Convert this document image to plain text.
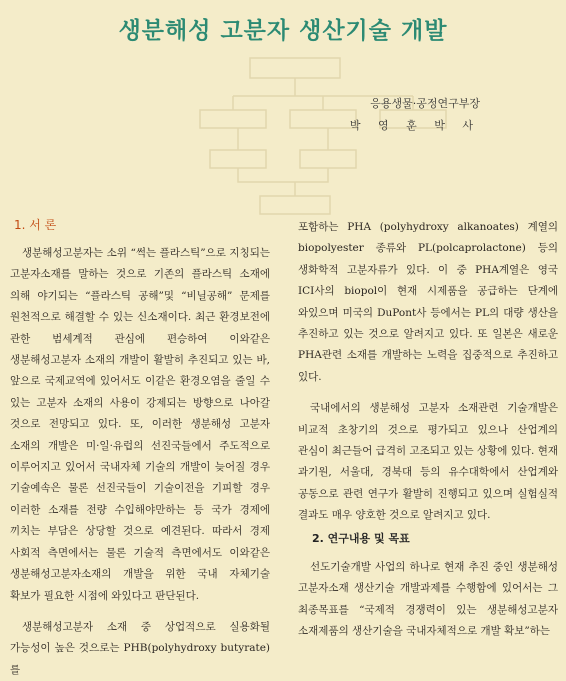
생분해성 고분자 생산기술 개발
응용생물·공정연구부장
박 영 훈 박 사
1. 서 론

생분해성고분자는 소위 “썩는 플라스틱”으로 지칭되는 고분자소재를 말하는 것으로 기존의 플라스틱 소재에 의해 야기되는 “플라스틱 공해”및 “비닐공해” 문제를 원천적으로 해결할 수 있는 신소재이다. 최근 환경보전에 관한 범세계적 관심에 편승하여 이와같은 생분해성고분자 소재의 개발이 활발히 추진되고 있는 바, 앞으로 국제교역에 있어서도 이같은 환경오염을 줄일 수 있는 고분자 소재의 사용이 강제되는 방향으로 나아갈 것으로 전망되고 있다. 또, 이러한 생분해성 고분자 소재의 개발은 미·일·유럽의 선진국들에서 주도적으로 이루어지고 있어서 국내자체 기술의 개발이 늦어질 경우 기술예속은 물론 선진국들이 기술이전을 기피할 경우 이러한 소재를 전량 수입해야만하는 등 국가 경제에 끼치는 부담은 상당할 것으로 예견된다. 따라서 경제 사회적 측면에서는 물론 기술적 측면에서도 이와같은 생분해성고분자소재의 개발을 위한 국내 자체기술 확보가 필요한 시점에 와있다고 판단된다.

생분해성고분자 소재 중 상업적으로 실용화될 가능성이 높은 것으로는 PHB(polyhydroxy butyrate)를

포함하는 PHA (polyhydroxy alkanoates) 계열의 biopolyester 종류와 PL(polcaprolactone) 등의 생화학적 고분자류가 있다. 이 중 PHA계열은 영국 ICI사의 biopol이 현재 시제품을 공급하는 단계에 와있으며 미국의 DuPont사 등에서는 PL의 대량 생산을 추진하고 있는 것으로 알려지고 있다. 또 일본은 새로운 PHA관련 소재를 개발하는 노력을 집중적으로 추진하고 있다.

국내에서의 생분해성 고분자 소재관련 기술개발은 비교적 초창기의 것으로 평가되고 있으나 산업계의 관심이 최근들어 급격히 고조되고 있는 상황에 있다. 현재 과기원, 서울대, 경북대 등의 유수대학에서 산업계와 공동으로 관련 연구가 활발히 진행되고 있으며 실험실적 결과도 매우 양호한 것으로 알려지고 있다.

2. 연구내용 및 목표

선도기술개발 사업의 하나로 현재 추진 중인 생분해성 고분자소재 생산기술 개발과제를 수행함에 있어서는 그 최종목표를 “국제적 경쟁력이 있는 생분해성고분자 소재제품의 생산기술을 국내자체적으로 개발 확보”하는
